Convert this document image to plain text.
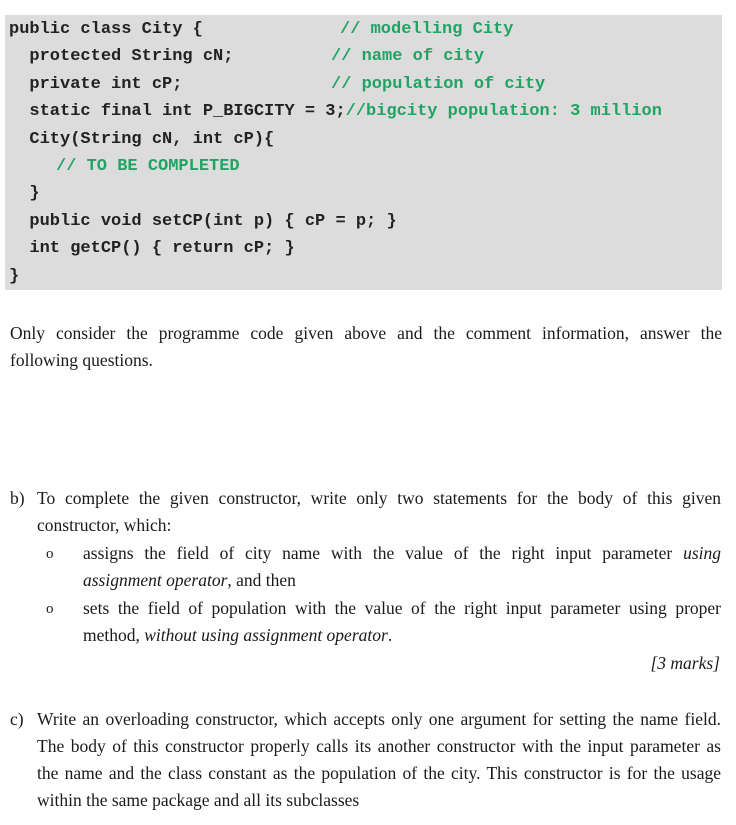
public class City {	// modelling City
protected String cN;	// name of city
private int cP;	// population of city
static final int P_BIGCITY = 3;//bigcity population: 3 million
City(String cN, int cP){
// TO BE COMPLETED
}
public void setCP(int p) { cP = p; }
int getCP() { return cP; }
}
Only consider the programme code given above and the comment information, answer the
following questions.
b) To complete the given constructor, write only two statements for the body of this given
constructor, which:
o assigns the field of city name with the value of the right input parameter using
assignment operator, and then
o sets the field of population with the value of the right input parameter using proper
method, without using assignment operator.
[3 marks]
c) Write an overloading constructor, which accepts only one argument for setting the name field.
The body of this constructor properly calls its another constructor with the input parameter as
the name and the class constant as the population of the city. This constructor is for the usage
within the same package and all its subclasses
